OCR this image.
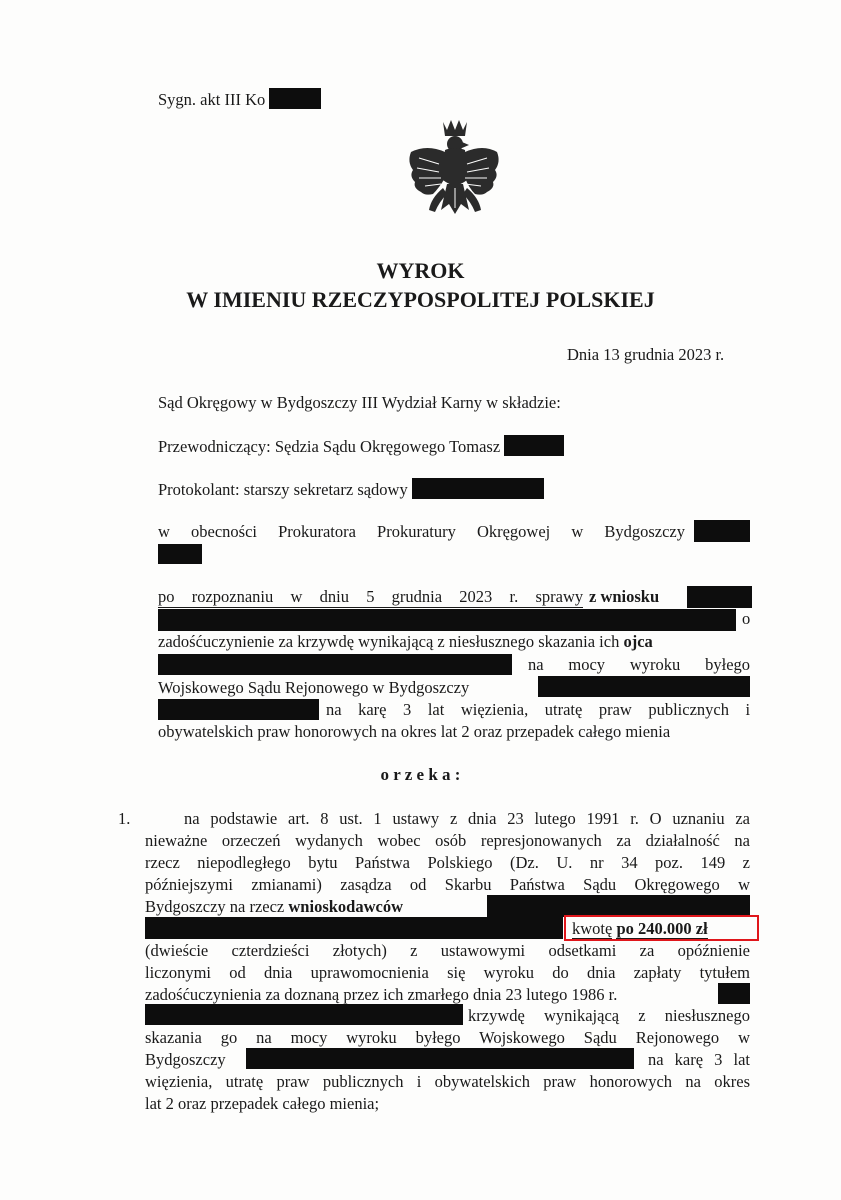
Sygn. akt III Ko
WYROK
W IMIENIU RZECZYPOSPOLITEJ POLSKIEJ
Dnia 13 grudnia 2023 r.
Sąd Okręgowy w Bydgoszczy III Wydział Karny w składzie:
Przewodniczący: Sędzia Sądu Okręgowego Tomasz
Protokolant: starszy sekretarz sądowy
w obecności Prokuratora Prokuratury Okręgowej w Bydgoszczy
po rozpoznaniu w dniu 5 grudnia 2023 r. sprawy z wniosku
o
zadośćuczynienie za krzywdę wynikającą z niesłusznego skazania ich ojca
na mocy wyroku byłego
Wojskowego Sądu Rejonowego w Bydgoszczy
na karę 3 lat więzienia, utratę praw publicznych i
obywatelskich praw honorowych na okres lat 2 oraz przepadek całego mienia
o r z e k a :
1.	na podstawie art. 8 ust. 1 ustawy z dnia 23 lutego 1991 r. O uznaniu za
nieważne orzeczeń wydanych wobec osób represjonowanych za działalność na
rzecz niepodległego bytu Państwa Polskiego (Dz. U. nr 34 poz. 149 z
późniejszymi zmianami) zasądza od Skarbu Państwa Sądu Okręgowego w
Bydgoszczy na rzecz wnioskodawców
kwotę po 240.000 zł
(dwieście czterdzieści złotych) z ustawowymi odsetkami za opóźnienie
liczonymi od dnia uprawomocnienia się wyroku do dnia zapłaty tytułem
zadośćuczynienia za doznaną przez ich zmarłego dnia 23 lutego 1986 r.
krzywdę wynikającą z niesłusznego
skazania go na mocy wyroku byłego Wojskowego Sądu Rejonowego w
Bydgoszczy	na karę 3 lat
więzienia, utratę praw publicznych i obywatelskich praw honorowych na okres
lat 2 oraz przepadek całego mienia;
